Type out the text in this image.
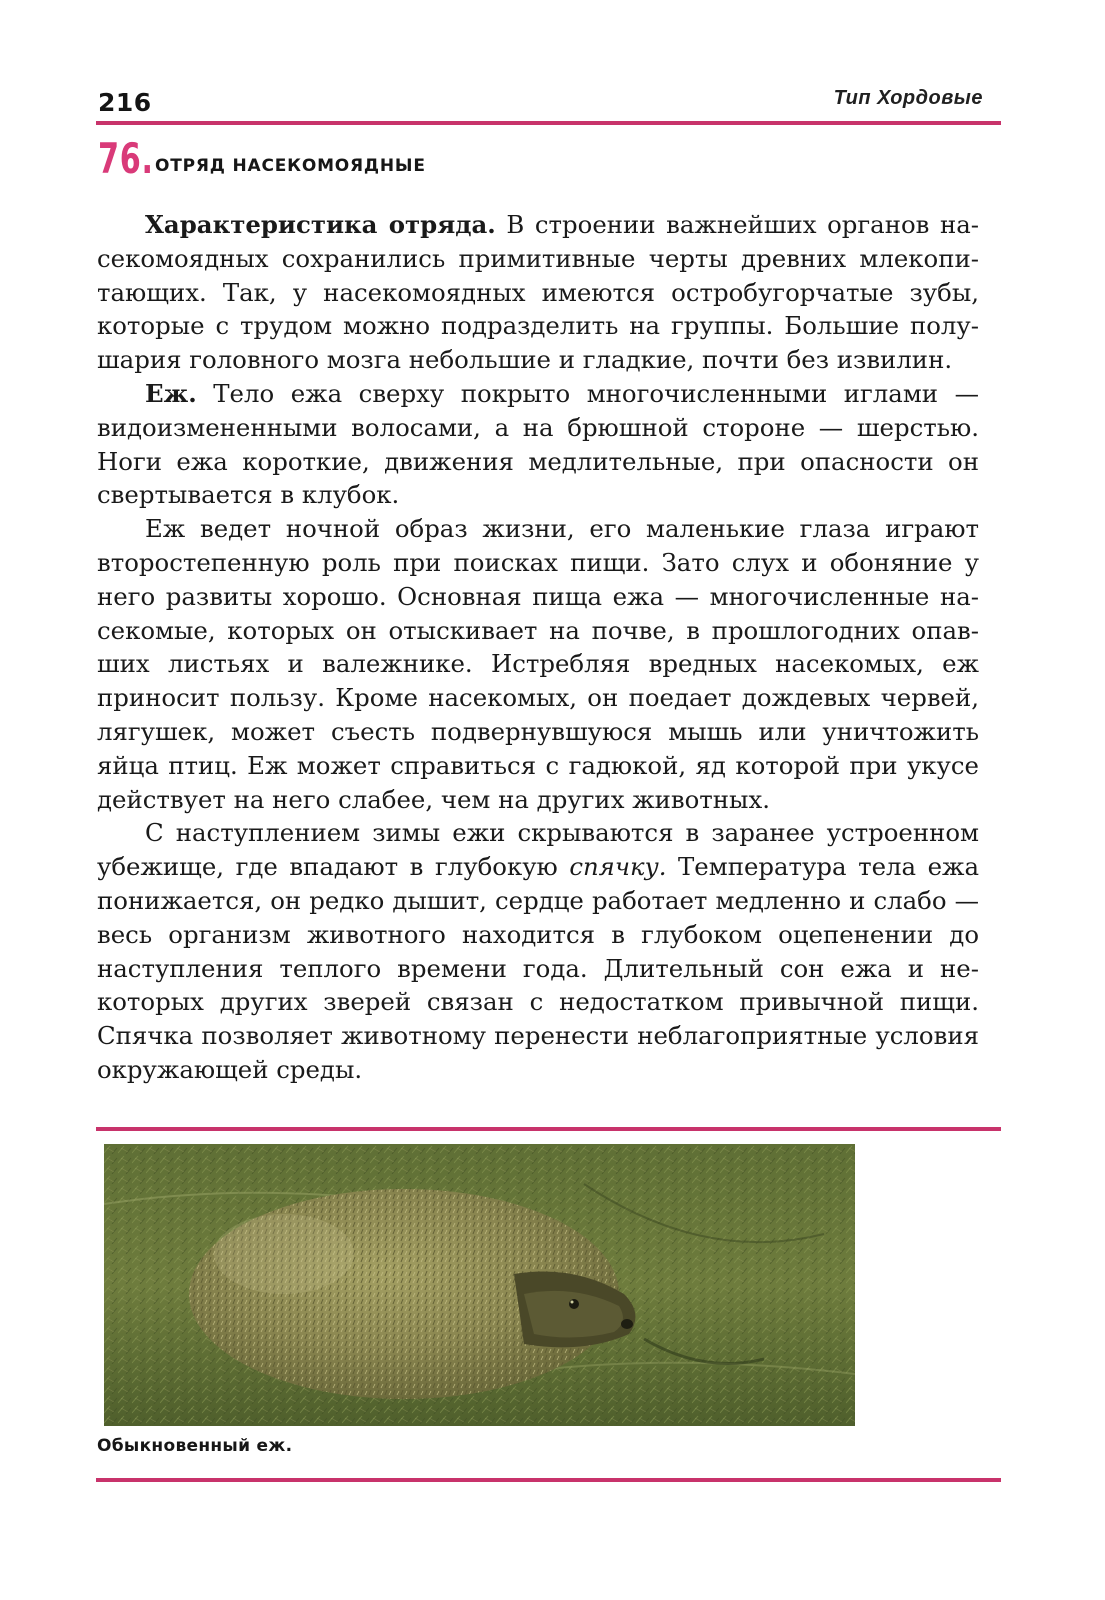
216	Тип Хордовые
76. ОТРЯД НАСЕКОМОЯДНЫЕ

Характеристика отряда. В строении важнейших органов насекомоядных сохранились примитивные черты древних млекопитающих. Так, у насекомоядных имеются остробугорчатые зубы, которые с трудом можно подразделить на группы. Большие полушария головного мозга небольшие и гладкие, почти без извилин.

Еж. Тело ежа сверху покрыто многочисленными иглами — видоизмененными волосами, а на брюшной стороне — шерстью. Ноги ежа короткие, движения медлительные, при опасности он свертывается в клубок.

Еж ведет ночной образ жизни, его маленькие глаза играют второстепенную роль при поисках пищи. Зато слух и обоняние у него развиты хорошо. Основная пища ежа — многочисленные насекомые, которых он отыскивает на почве, в прошлогодних опавших листьях и валежнике. Истребляя вредных насекомых, еж приносит пользу. Кроме насекомых, он поедает дождевых червей, лягушек, может съесть подвернувшуюся мышь или уничтожить яйца птиц. Еж может справиться с гадюкой, яд которой при укусе действует на него слабее, чем на других животных.

С наступлением зимы ежи скрываются в заранее устроенном убежище, где впадают в глубокую спячку. Температура тела ежа понижается, он редко дышит, сердце работает медленно и слабо — весь организм животного находится в глубоком оцепенении до наступления теплого времени года. Длительный сон ежа и некоторых других зверей связан с недостатком привычной пищи. Спячка позволяет животному перенести неблагоприятные условия окружающей среды.

Обыкновенный еж.
